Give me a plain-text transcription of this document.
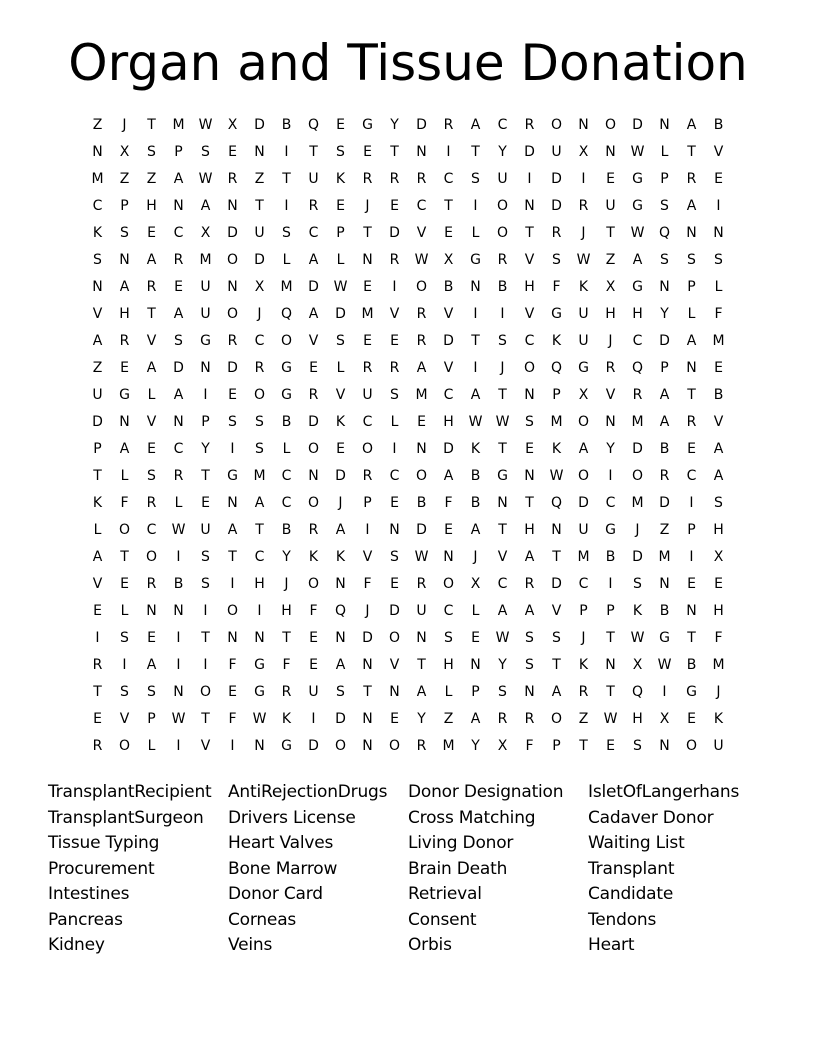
Organ and Tissue Donation
Z	J	T	M	W	X	D	B	Q	E	G	Y	D	R	A	C	R	O	N	O	D	N	A	B
N	X	S	P	S	E	N	I	T	S	E	T	N	I	T	Y	D	U	X	N	W	L	T	V
M	Z	Z	A	W	R	Z	T	U	K	R	R	R	C	S	U	I	D	I	E	G	P	R	E
C	P	H	N	A	N	T	I	R	E	J	E	C	T	I	O	N	D	R	U	G	S	A	I
K	S	E	C	X	D	U	S	C	P	T	D	V	E	L	O	T	R	J	T	W	Q	N	N
S	N	A	R	M	O	D	L	A	L	N	R	W	X	G	R	V	S	W	Z	A	S	S	S
N	A	R	E	U	N	X	M	D	W	E	I	O	B	N	B	H	F	K	X	G	N	P	L
V	H	T	A	U	O	J	Q	A	D	M	V	R	V	I	I	V	G	U	H	H	Y	L	F
A	R	V	S	G	R	C	O	V	S	E	E	R	D	T	S	C	K	U	J	C	D	A	M
Z	E	A	D	N	D	R	G	E	L	R	R	A	V	I	J	O	Q	G	R	Q	P	N	E
U	G	L	A	I	E	O	G	R	V	U	S	M	C	A	T	N	P	X	V	R	A	T	B
D	N	V	N	P	S	S	B	D	K	C	L	E	H	W W	S	M	O	N	M	A	R	V
P	A	E	C	Y	I	S	L	O	E	O	I	N	D	K	T	E	K	A	Y	D	B	E	A
T	L	S	R	T	G	M	C	N	D	R	C	O	A	B	G	N	W	O	I	O	R	C	A
K	F	R	L	E	N	A	C	O	J	P	E	B	F	B	N	T	Q	D	C	M	D	I	S
L	O	C	W	U	A	T	B	R	A	I	N	D	E	A	T	H	N	U	G	J	Z	P	H
A	T	O	I	S	T	C	Y	K	K	V	S	W	N	J	V	A	T	M	B	D	M	I	X
V	E	R	B	S	I	H	J	O	N	F	E	R	O	X	C	R	D	C	I	S	N	E	E
E	L	N	N	I	O	I	H	F	Q	J	D	U	C	L	A	A	V	P	P	K	B	N	H
I	S	E	I	T	N	N	T	E	N	D	O	N	S	E	W	S	S	J	T	W	G	T	F
R	I	A	I	I	F	G	F	E	A	N	V	T	H	N	Y	S	T	K	N	X	W	B	M
T	S	S	N	O	E	G	R	U	S	T	N	A	L	P	S	N	A	R	T	Q	I	G	J
E	V	P	W	T	F	W	K	I	D	N	E	Y	Z	A	R	R	O	Z	W	H	X	E	K
R	O	L	I	V	I	N	G	D	O	N	O	R	M	Y	X	F	P	T	E	S	N	O	U
TransplantRecipient
TransplantSurgeon
Tissue Typing
Procurement
Intestines
Pancreas
Kidney
AntiRejectionDrugs
Drivers License
Heart Valves
Bone Marrow
Donor Card
Corneas
Veins
Donor Designation
Cross Matching
Living Donor
Brain Death
Retrieval
Consent
Orbis
IsletOfLangerhans
Cadaver Donor
Waiting List
Transplant
Candidate
Tendons
Heart
